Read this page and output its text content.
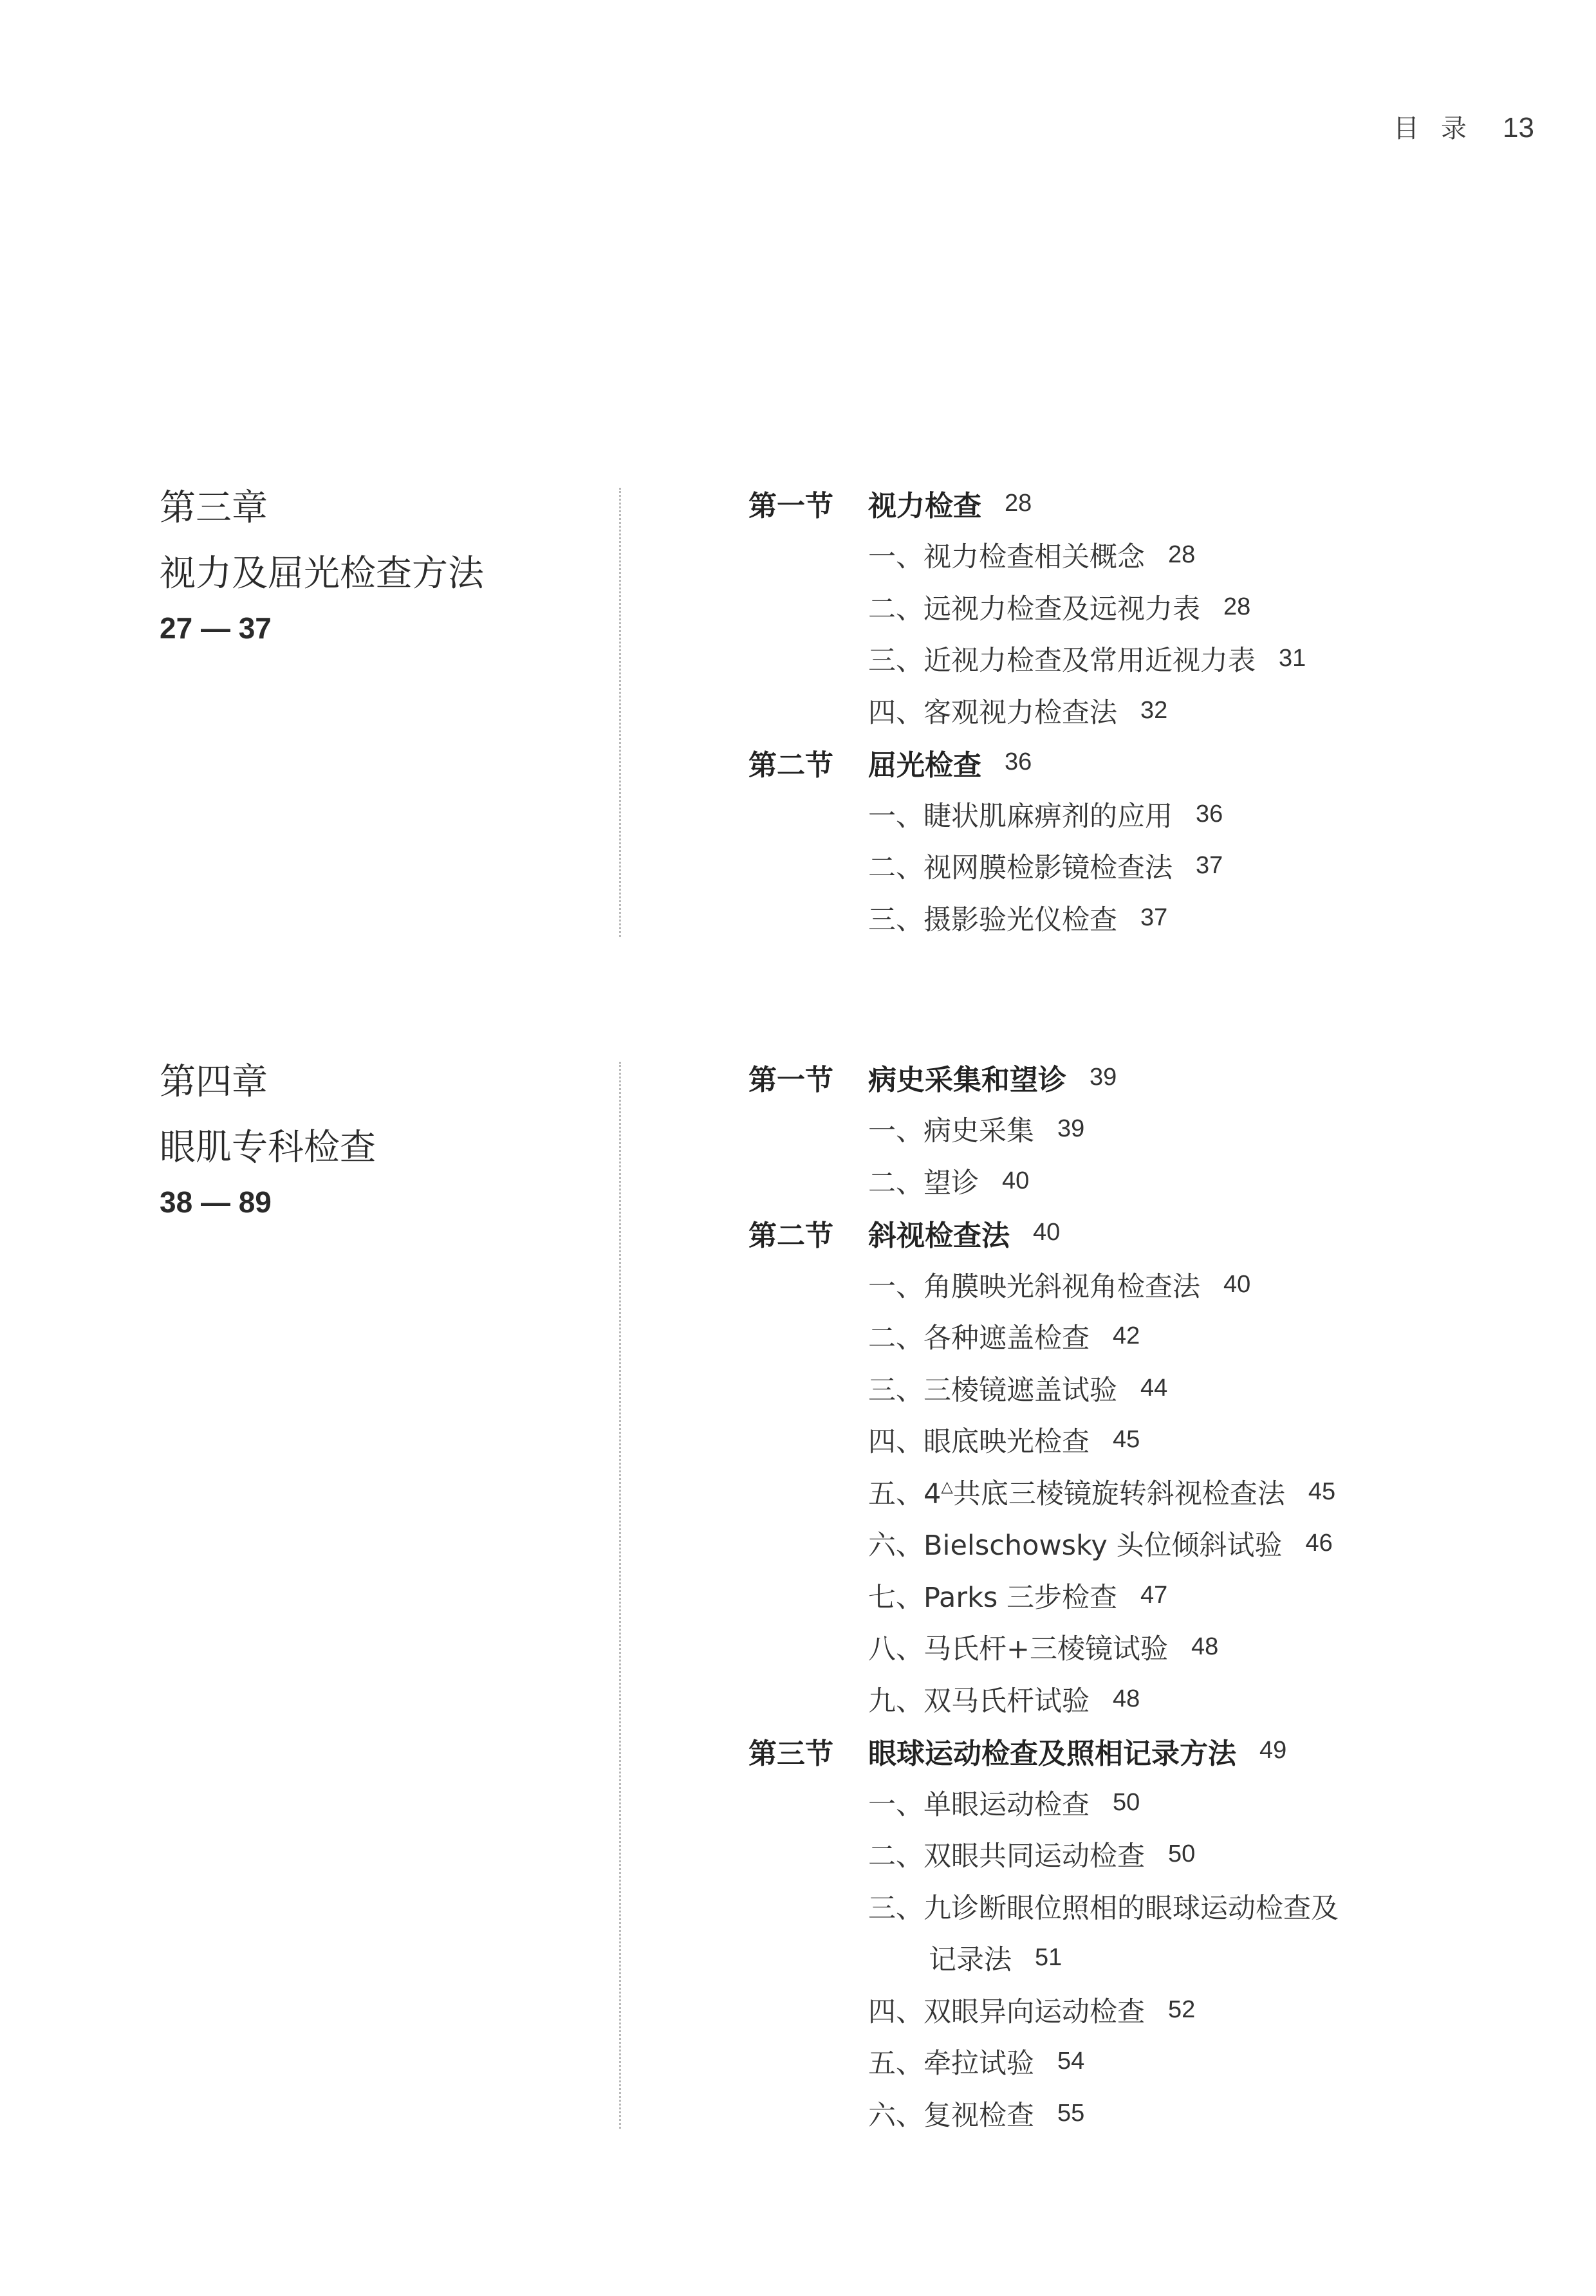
目录 13
第三章
视力及屈光检查方法
27 — 37
第一节	视力检查 28
一、 视力检查相关概念 28
二、 远视力检查及远视力表 28
三、 近视力检查及常用近视力表 31
四、 客观视力检查法 32
第二节	屈光检查 36
一、 睫状肌麻痹剂的应用 36
二、 视网膜检影镜检查法 37
三、 摄影验光仪检查 37
第四章
眼肌专科检查
38 — 89
第一节	病史采集和望诊 39
一、 病史采集 39
二、 望诊 40
第二节	斜视检查法 40
一、 角膜映光斜视角检查法 40
二、 各种遮盖检查 42
三、 三棱镜遮盖试验 44
四、 眼底映光检查 45
五、 4△共底三棱镜旋转斜视检查法 45
六、 Bielschowsky 头位倾斜试验 46
七、 Parks 三步检查 47
八、 马氏杆+三棱镜试验 48
九、 双马氏杆试验 48
第三节	眼球运动检查及照相记录方法 49
一、 单眼运动检查 50
二、 双眼共同运动检查 50
三、 九诊断眼位照相的眼球运动检查及
记录法 51
四、 双眼异向运动检查 52
五、 牵拉试验 54
六、 复视检查 55
